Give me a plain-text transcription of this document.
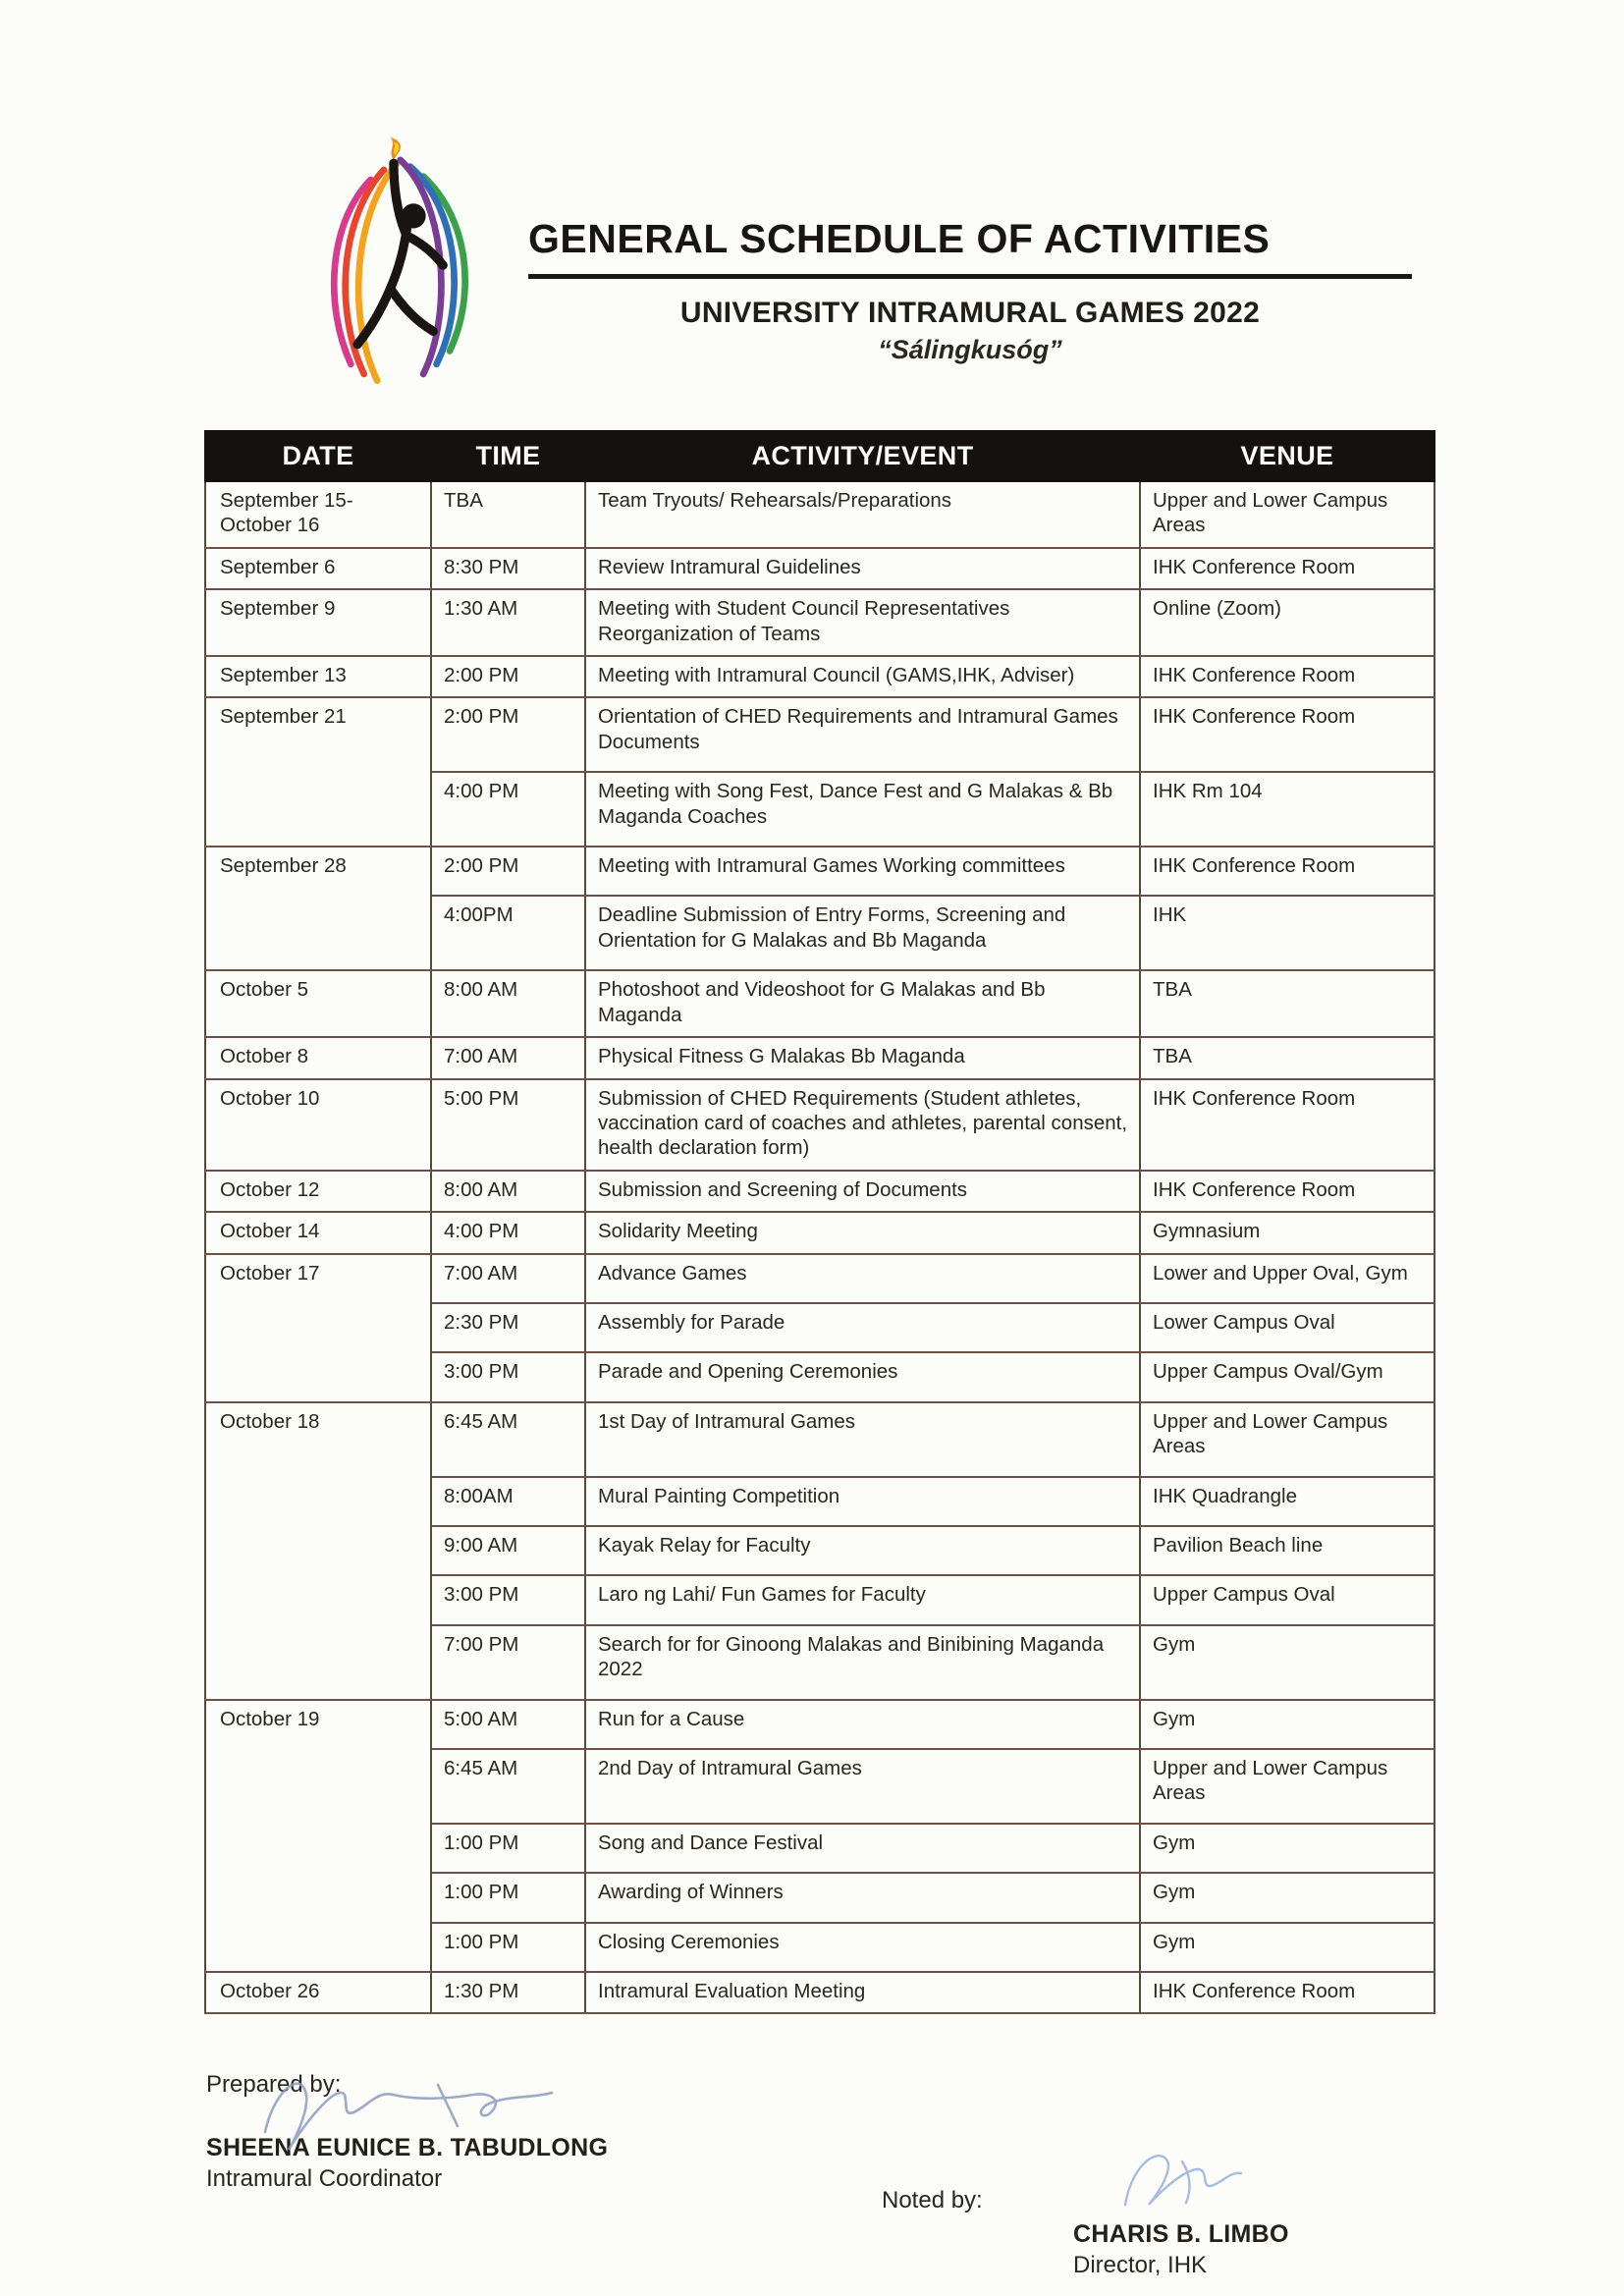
GENERAL SCHEDULE OF ACTIVITIES
UNIVERSITY INTRAMURAL GAMES 2022
“Sálingkusóg”
DATE	TIME	ACTIVITY/EVENT	VENUE
September 15-October 16	TBA	Team Tryouts/ Rehearsals/Preparations	Upper and Lower Campus Areas
September 6	8:30 PM	Review Intramural Guidelines	IHK Conference Room
September 9	1:30 AM	Meeting with Student Council Representatives Reorganization of Teams	Online (Zoom)
September 13	2:00 PM	Meeting with Intramural Council (GAMS,IHK, Adviser)	IHK Conference Room
September 21	2:00 PM	Orientation of CHED Requirements and Intramural Games Documents	IHK Conference Room
	4:00 PM	Meeting with Song Fest, Dance Fest and G Malakas & Bb Maganda Coaches	IHK Rm 104
September 28	2:00 PM	Meeting with Intramural Games Working committees	IHK Conference Room
	4:00PM	Deadline Submission of Entry Forms, Screening and Orientation for G Malakas and Bb Maganda	IHK
October 5	8:00 AM	Photoshoot and Videoshoot for G Malakas and Bb Maganda	TBA
October 8	7:00 AM	Physical Fitness G Malakas Bb Maganda	TBA
October 10	5:00 PM	Submission of CHED Requirements (Student athletes, vaccination card of coaches and athletes, parental consent, health declaration form)	IHK Conference Room
October 12	8:00 AM	Submission and Screening of Documents	IHK Conference Room
October 14	4:00 PM	Solidarity Meeting	Gymnasium
October 17	7:00 AM	Advance Games	Lower and Upper Oval, Gym
	2:30 PM	Assembly for Parade	Lower Campus Oval
	3:00 PM	Parade and Opening Ceremonies	Upper Campus Oval/Gym
October 18	6:45 AM	1st Day of Intramural Games	Upper and Lower Campus Areas
	8:00AM	Mural Painting Competition	IHK Quadrangle
	9:00 AM	Kayak Relay for Faculty	Pavilion Beach line
	3:00 PM	Laro ng Lahi/ Fun Games for Faculty	Upper Campus Oval
	7:00 PM	Search for for Ginoong Malakas and Binibining Maganda 2022	Gym
October 19	5:00 AM	Run for a Cause	Gym
	6:45 AM	2nd Day of Intramural Games	Upper and Lower Campus Areas
	1:00 PM	Song and Dance Festival	Gym
	1:00 PM	Awarding of Winners	Gym
	1:00 PM	Closing Ceremonies	Gym
October 26	1:30 PM	Intramural Evaluation Meeting	IHK Conference Room
Prepared by:
SHEENA EUNICE B. TABUDLONG
Intramural Coordinator
Noted by:
CHARIS B. LIMBO
Director, IHK
